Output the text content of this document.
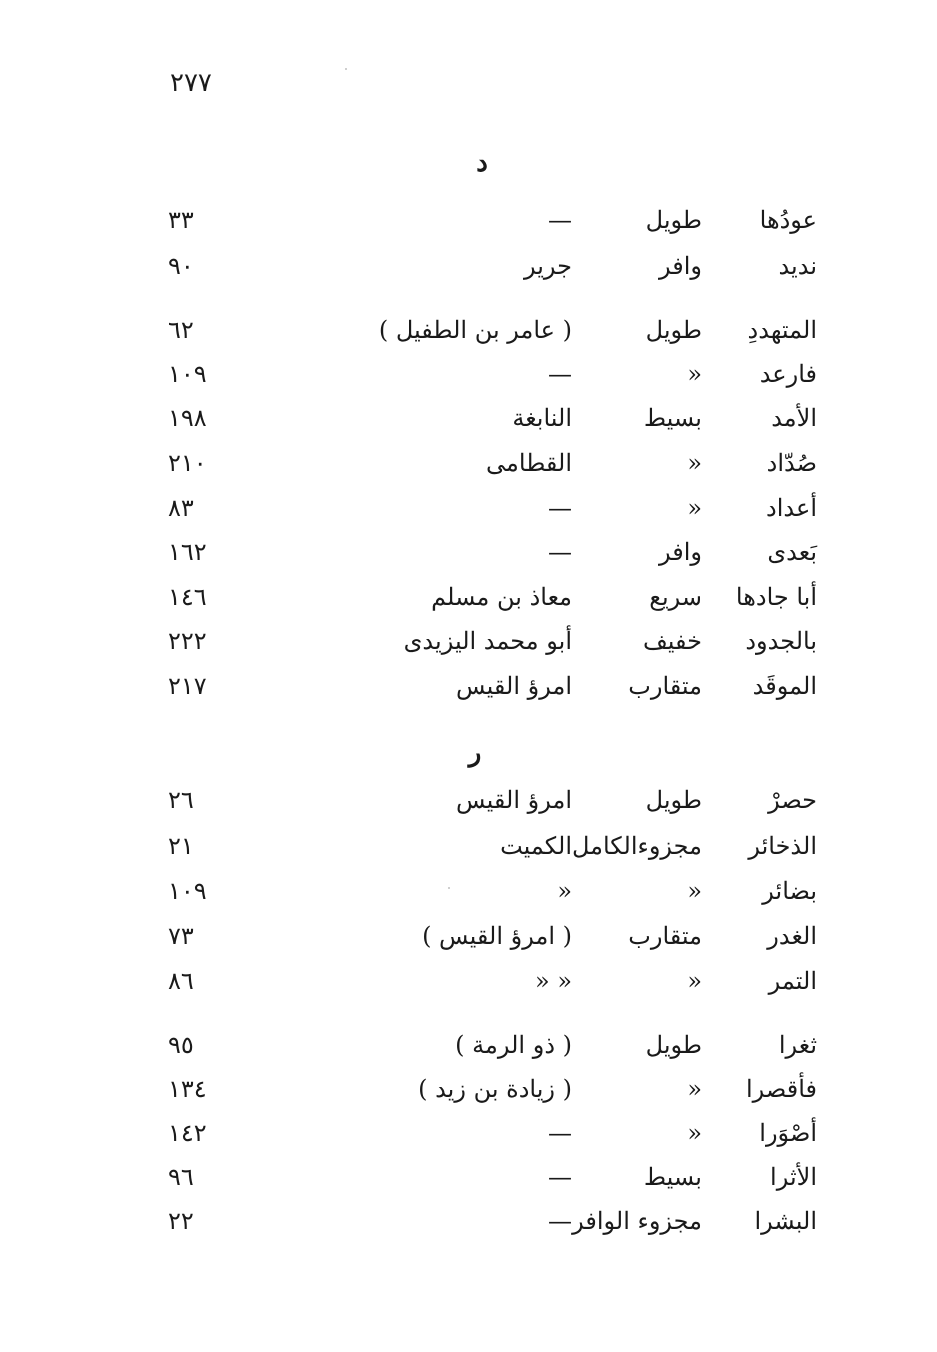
٢٧٧
د
عودُها
طويل
—
٣٣
نديد
وافر
جرير
٩٠
المتهددِ
طويل
( عامر بن الطفيل )
٦٢
فارعد
«
—
١٠٩
الأمد
بسيط
النابغة
١٩٨
صُدّاد
«
القطامى
٢١٠
أعداد
«
—
٨٣
بَعدى
وافر
—
١٦٢
أبا جادها
سريع
معاذ بن مسلم
١٤٦
بالجدود
خفيف
أبو محمد اليزيدى
٢٢٢
الموقَد
متقارب
امرؤ القيس
٢١٧
ر
حصرْ
طويل
امرؤ القيس
٢٦
الذخائر
مجزوءالكامل
الكميت
٢١
بضائر
«
«
١٠٩
الغدر
متقارب
( امرؤ القيس )
٧٣
التمر
«
« «
٨٦
ثغرا
طويل
( ذو الرمة )
٩٥
فأقصرا
«
( زيادة بن زيد )
١٣٤
أصْوَرا
«
—
١٤٢
الأثرا
بسيط
—
٩٦
البشرا
مجزوء الوافر
—
٢٢
